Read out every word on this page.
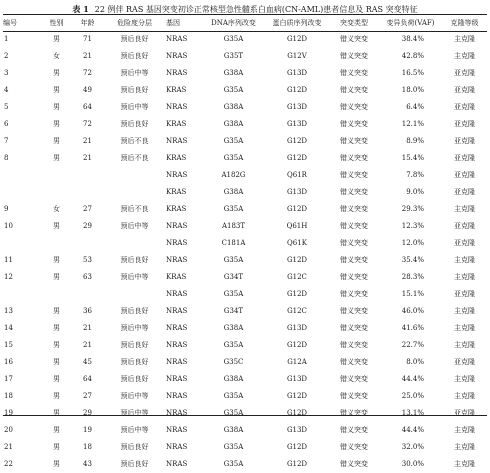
表 1 22 例伴 RAS 基因突变初诊正常核型急性髓系白血病(CN-AML)患者信息及 RAS 突变特征
编号	性别	年龄	危险度分层	基因	DNA序列改变	蛋白质序列改变	突变类型	变异负荷(VAF)	克隆等级
1	男	71	预后良好	NRAS	G35A	G12D	错义突变	38.4%	主克隆
2	女	21	预后良好	NRAS	G35T	G12V	错义突变	42.8%	主克隆
3	男	72	预后中等	NRAS	G38A	G13D	错义突变	16.5%	亚克隆
4	男	49	预后良好	KRAS	G35A	G12D	错义突变	18.0%	亚克隆
5	男	64	预后中等	NRAS	G38A	G13D	错义突变	6.4%	亚克隆
6	男	72	预后良好	KRAS	G38A	G13D	错义突变	12.1%	亚克隆
7	男	21	预后不良	NRAS	G35A	G12D	错义突变	8.9%	亚克隆
8	男	21	预后不良	KRAS	G35A	G12D	错义突变	15.4%	亚克隆
				NRAS	A182G	Q61R	错义突变	7.8%	亚克隆
				KRAS	G38A	G13D	错义突变	9.0%	亚克隆
9	女	27	预后不良	KRAS	G35A	G12D	错义突变	29.3%	主克隆
10	男	29	预后中等	NRAS	A183T	Q61H	错义突变	12.3%	亚克隆
				NRAS	C181A	Q61K	错义突变	12.0%	亚克隆
11	男	53	预后良好	NRAS	G35A	G12D	错义突变	35.4%	主克隆
12	男	63	预后中等	KRAS	G34T	G12C	错义突变	28.3%	主克隆
				NRAS	G35A	G12D	错义突变	15.1%	亚克隆
13	男	36	预后良好	NRAS	G34T	G12C	错义突变	46.0%	主克隆
14	男	21	预后中等	NRAS	G38A	G13D	错义突变	41.6%	主克隆
15	男	21	预后良好	NRAS	G35A	G12D	错义突变	22.7%	主克隆
16	男	45	预后良好	NRAS	G35C	G12A	错义突变	8.0%	亚克隆
17	男	64	预后良好	NRAS	G38A	G13D	错义突变	44.4%	主克隆
18	男	27	预后中等	NRAS	G35A	G12D	错义突变	25.0%	主克隆
19	男	29	预后中等	NRAS	G35A	G12D	错义突变	13.1%	亚克隆
20	男	19	预后中等	NRAS	G38A	G13D	错义突变	44.4%	主克隆
21	男	18	预后良好	NRAS	G35A	G12D	错义突变	32.0%	主克隆
22	男	43	预后良好	NRAS	G35A	G12D	错义突变	30.0%	主克隆
